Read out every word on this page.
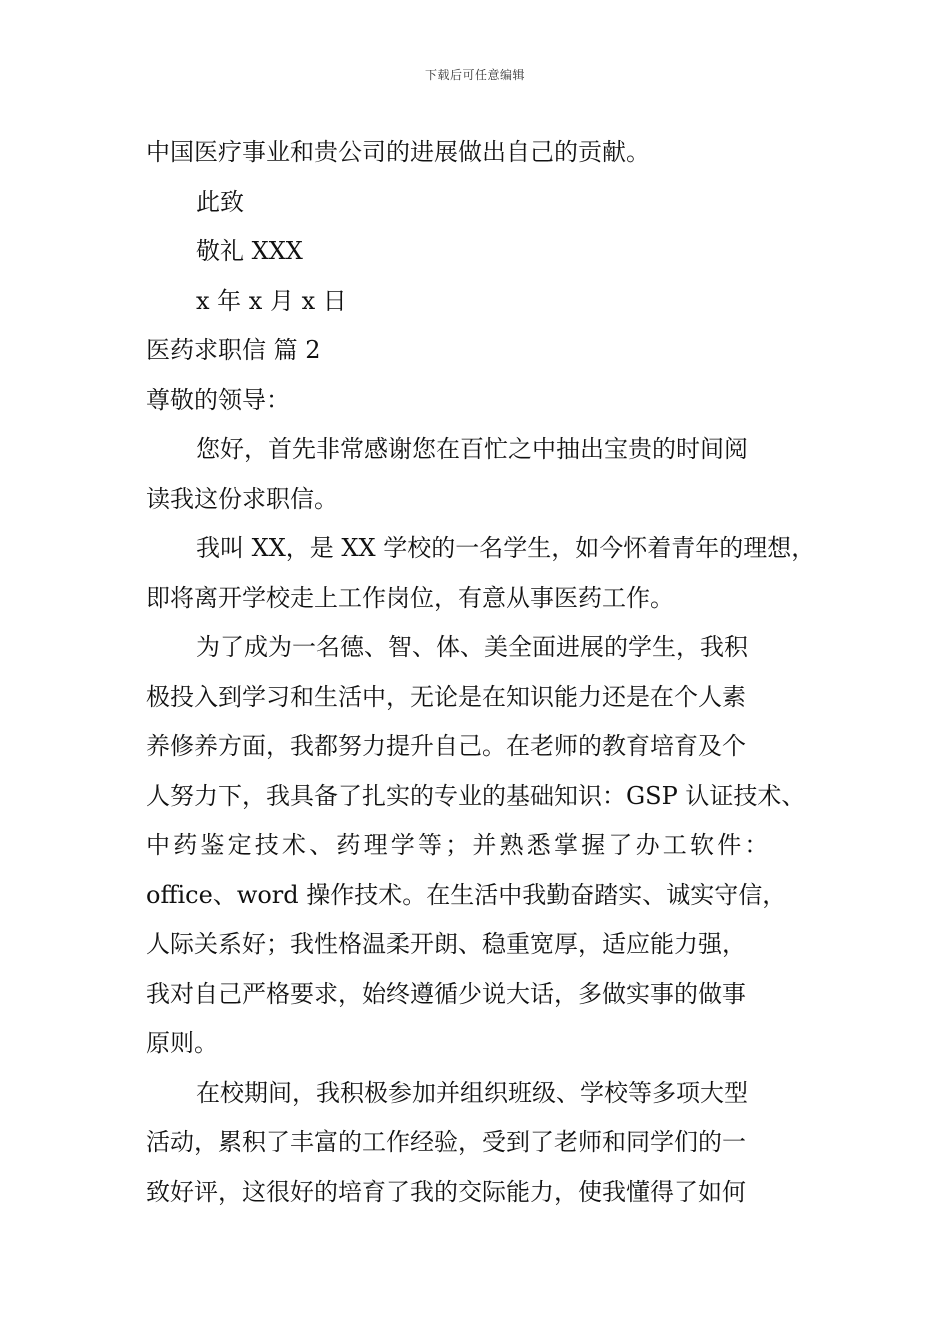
下载后可任意编辑
中国医疗事业和贵公司的进展做出自己的贡献。
此致
敬礼 XXX
x 年 x 月 x 日
医药求职信 篇 2
尊敬的领导：
您好，首先非常感谢您在百忙之中抽出宝贵的时间阅
读我这份求职信。
我叫 XX，是 XX 学校的一名学生，如今怀着青年的理想，
即将离开学校走上工作岗位，有意从事医药工作。
为了成为一名德、智、体、美全面进展的学生，我积
极投入到学习和生活中，无论是在知识能力还是在个人素
养修养方面，我都努力提升自己。在老师的教育培育及个
人努力下，我具备了扎实的专业的基础知识：GSP 认证技术、
中药鉴定技术、药理学等；并熟悉掌握了办工软件：
office、word 操作技术。在生活中我勤奋踏实、诚实守信，
人际关系好；我性格温柔开朗、稳重宽厚，适应能力强，
我对自己严格要求，始终遵循少说大话，多做实事的做事
原则。
在校期间，我积极参加并组织班级、学校等多项大型
活动，累积了丰富的工作经验，受到了老师和同学们的一
致好评，这很好的培育了我的交际能力，使我懂得了如何
